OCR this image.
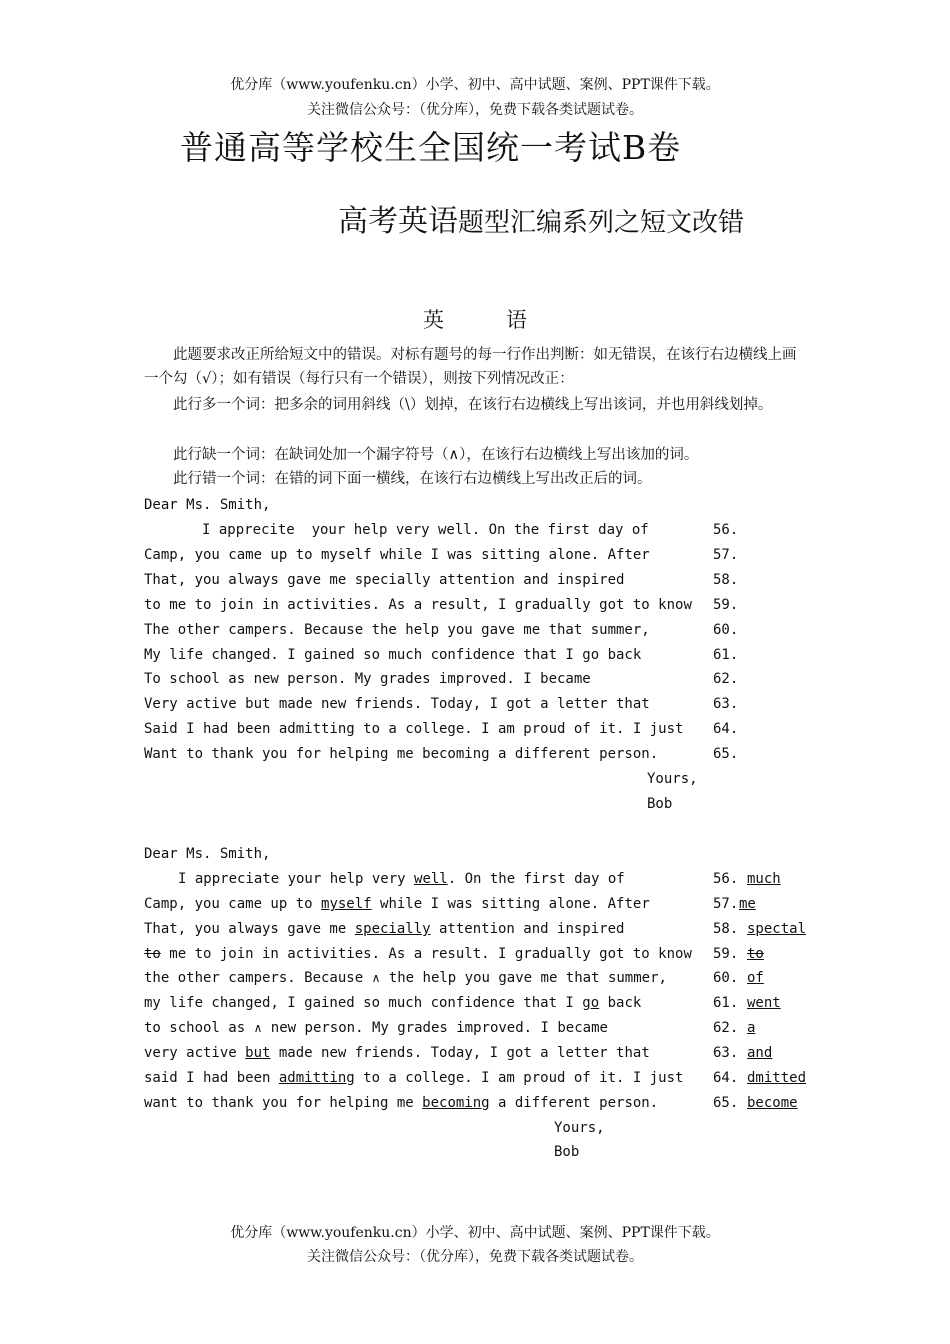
优分库（www.youfenku.cn）小学、初中、高中试题、案例、PPT课件下载。
关注微信公众号：（优分库），免费下载各类试题试卷。
普通高等学校生全国统一考试B卷
高考英语题型汇编系列之短文改错
英	语
此题要求改正所给短文中的错误。对标有题号的每一行作出判断：如无错误，在该行右边横线上画一个勾（√）；如有错误（每行只有一个错误），则按下列情况改正：
此行多一个词：把多余的词用斜线（\）划掉，在该行右边横线上写出该词，并也用斜线划掉。
此行缺一个词：在缺词处加一个漏字符号（∧），在该行右边横线上写出该加的词。
此行错一个词：在错的词下面一横线，在该行右边横线上写出改正后的词。
Dear Ms. Smith,
I apprecite  your help very well. On the first day of
Camp, you came up to myself while I was sitting alone. After
That, you always gave me specially attention and inspired
to me to join in activities. As a result, I gradually got to know
The other campers. Because the help you gave me that summer,
My life changed. I gained so much confidence that I go back
To school as new person. My grades improved. I became
Very active but made new friends. Today, I got a letter that
Said I had been admitting to a college. I am proud of it. I just
Want to thank you for helping me becoming a different person.
56.
57.
58.
59.
60.
61.
62.
63.
64.
65.
Yours,
Bob
Dear Ms. Smith,
I appreciate your help very well. On the first day of
Camp, you came up to myself while I was sitting alone. After
That, you always gave me specially attention and inspired
to me to join in activities. As a result. I gradually got to know
the other campers. Because ∧ the help you gave me that summer,
my life changed, I gained so much confidence that I go back
to school as ∧ new person. My grades improved. I became
very active but made new friends. Today, I got a letter that
said I had been admitting to a college. I am proud of it. I just
want to thank you for helping me becoming a different person.
56.
57.
58.
59.
60.
61.
62.
63.
64.
65.
much
me
spectal
to
of
went
a
and
dmitted
become
Yours,
Bob
优分库（www.youfenku.cn）小学、初中、高中试题、案例、PPT课件下载。
关注微信公众号：（优分库），免费下载各类试题试卷。
